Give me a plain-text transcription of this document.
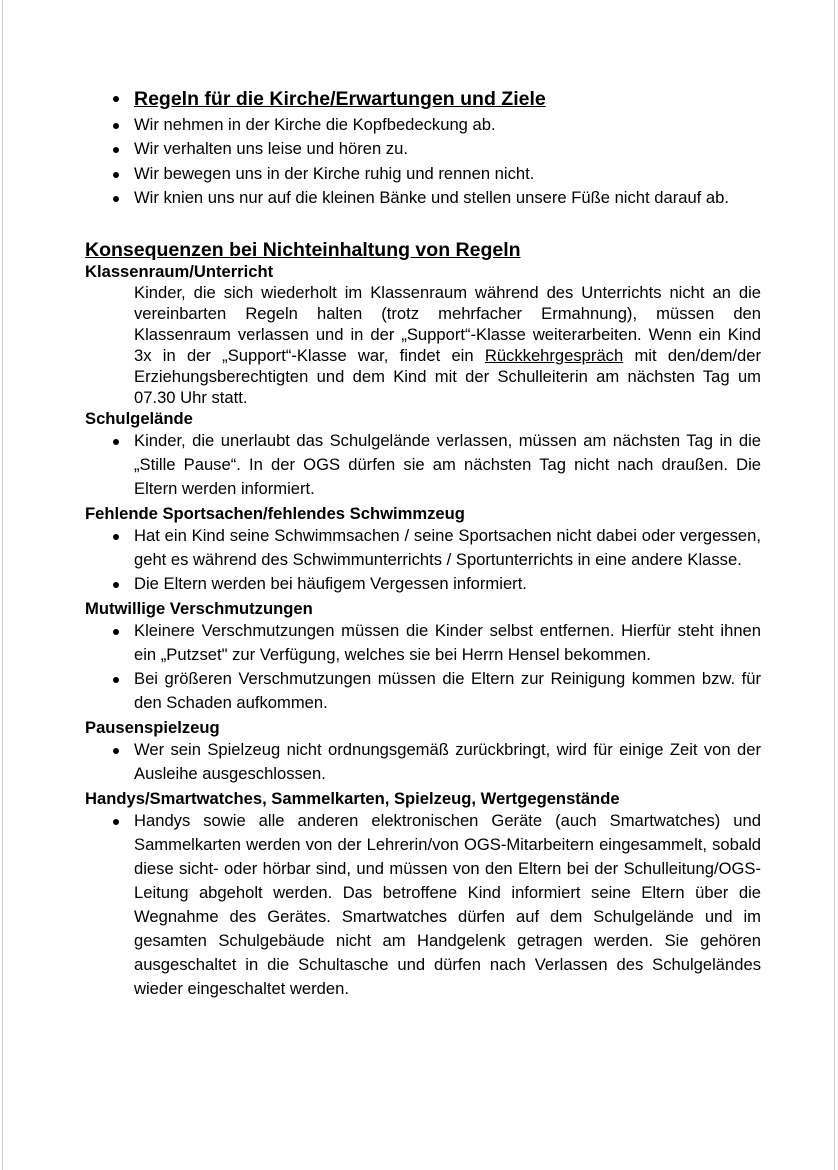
Regeln für die Kirche/Erwartungen und Ziele
Wir nehmen in der Kirche die Kopfbedeckung ab.
Wir verhalten uns leise und hören zu.
Wir bewegen uns in der Kirche ruhig und rennen nicht.
Wir knien uns nur auf die kleinen Bänke und stellen unsere Füße nicht darauf ab.
Konsequenzen bei Nichteinhaltung von Regeln
Klassenraum/Unterricht
Kinder, die sich wiederholt im Klassenraum während des Unterrichts nicht an die vereinbarten Regeln halten (trotz mehrfacher Ermahnung), müssen den Klassenraum verlassen und in der „Support“-Klasse weiterarbeiten. Wenn ein Kind 3x in der „Support“-Klasse war, findet ein Rückkehrgespräch mit den/dem/der Erziehungsberechtigten und dem Kind mit der Schulleiterin am nächsten Tag um 07.30 Uhr statt.
Schulgelände
Kinder, die unerlaubt das Schulgelände verlassen, müssen am nächsten Tag in die „Stille Pause“. In der OGS dürfen sie am nächsten Tag nicht nach draußen. Die Eltern werden informiert.
Fehlende Sportsachen/fehlendes Schwimmzeug
Hat ein Kind seine Schwimmsachen / seine Sportsachen nicht dabei oder vergessen, geht es während des Schwimmunterrichts / Sportunterrichts in eine andere Klasse.
Die Eltern werden bei häufigem Vergessen informiert.
Mutwillige Verschmutzungen
Kleinere Verschmutzungen müssen die Kinder selbst entfernen. Hierfür steht ihnen ein „Putzset" zur Verfügung, welches sie bei Herrn Hensel bekommen.
Bei größeren Verschmutzungen müssen die Eltern zur Reinigung kommen bzw. für den Schaden aufkommen.
Pausenspielzeug
Wer sein Spielzeug nicht ordnungsgemäß zurückbringt, wird für einige Zeit von der Ausleihe ausgeschlossen.
Handys/Smartwatches, Sammelkarten, Spielzeug, Wertgegenstände
Handys sowie alle anderen elektronischen Geräte (auch Smartwatches) und Sammelkarten werden von der Lehrerin/von OGS-Mitarbeitern eingesammelt, sobald diese sicht- oder hörbar sind, und müssen von den Eltern bei der Schulleitung/OGS-Leitung abgeholt werden. Das betroffene Kind informiert seine Eltern über die Wegnahme des Gerätes. Smartwatches dürfen auf dem Schulgelände und im gesamten Schulgebäude nicht am Handgelenk getragen werden. Sie gehören ausgeschaltet in die Schultasche und dürfen nach Verlassen des Schulgeländes wieder eingeschaltet werden.
